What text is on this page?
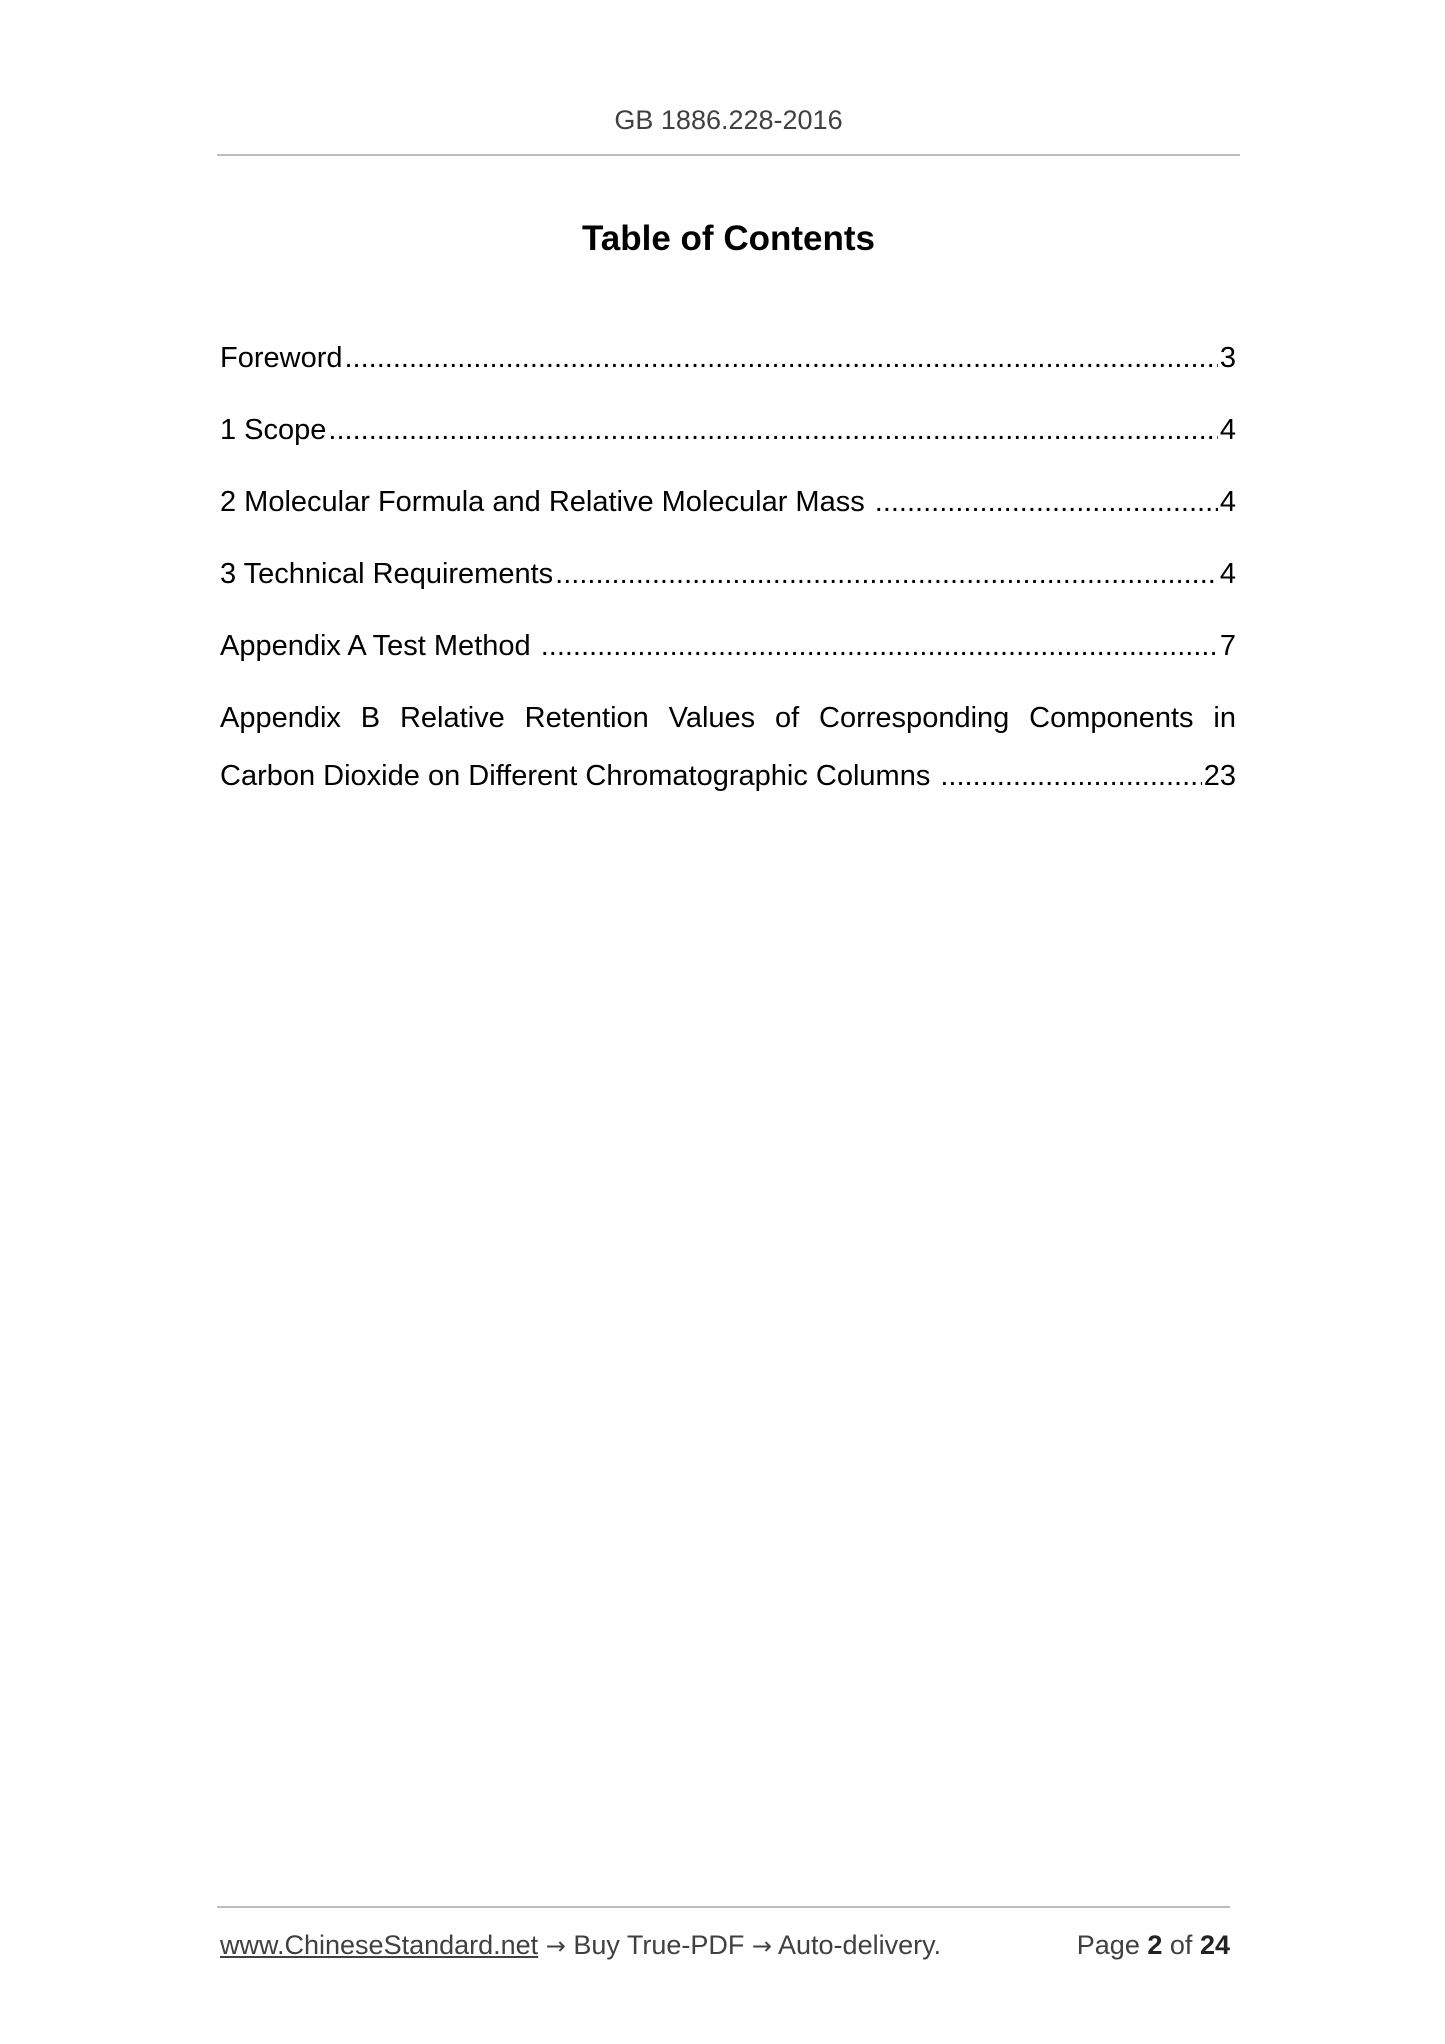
GB 1886.228-2016
Table of Contents
Foreword .....	3
1 Scope .....	4
2 Molecular Formula and Relative Molecular Mass .....	4
3 Technical Requirements .....	4
Appendix A Test Method .....	7
Appendix B Relative Retention Values of Corresponding Components in
Carbon Dioxide on Different Chromatographic Columns .....	23
www.ChineseStandard.net → Buy True-PDF → Auto-delivery.	Page 2 of 24
